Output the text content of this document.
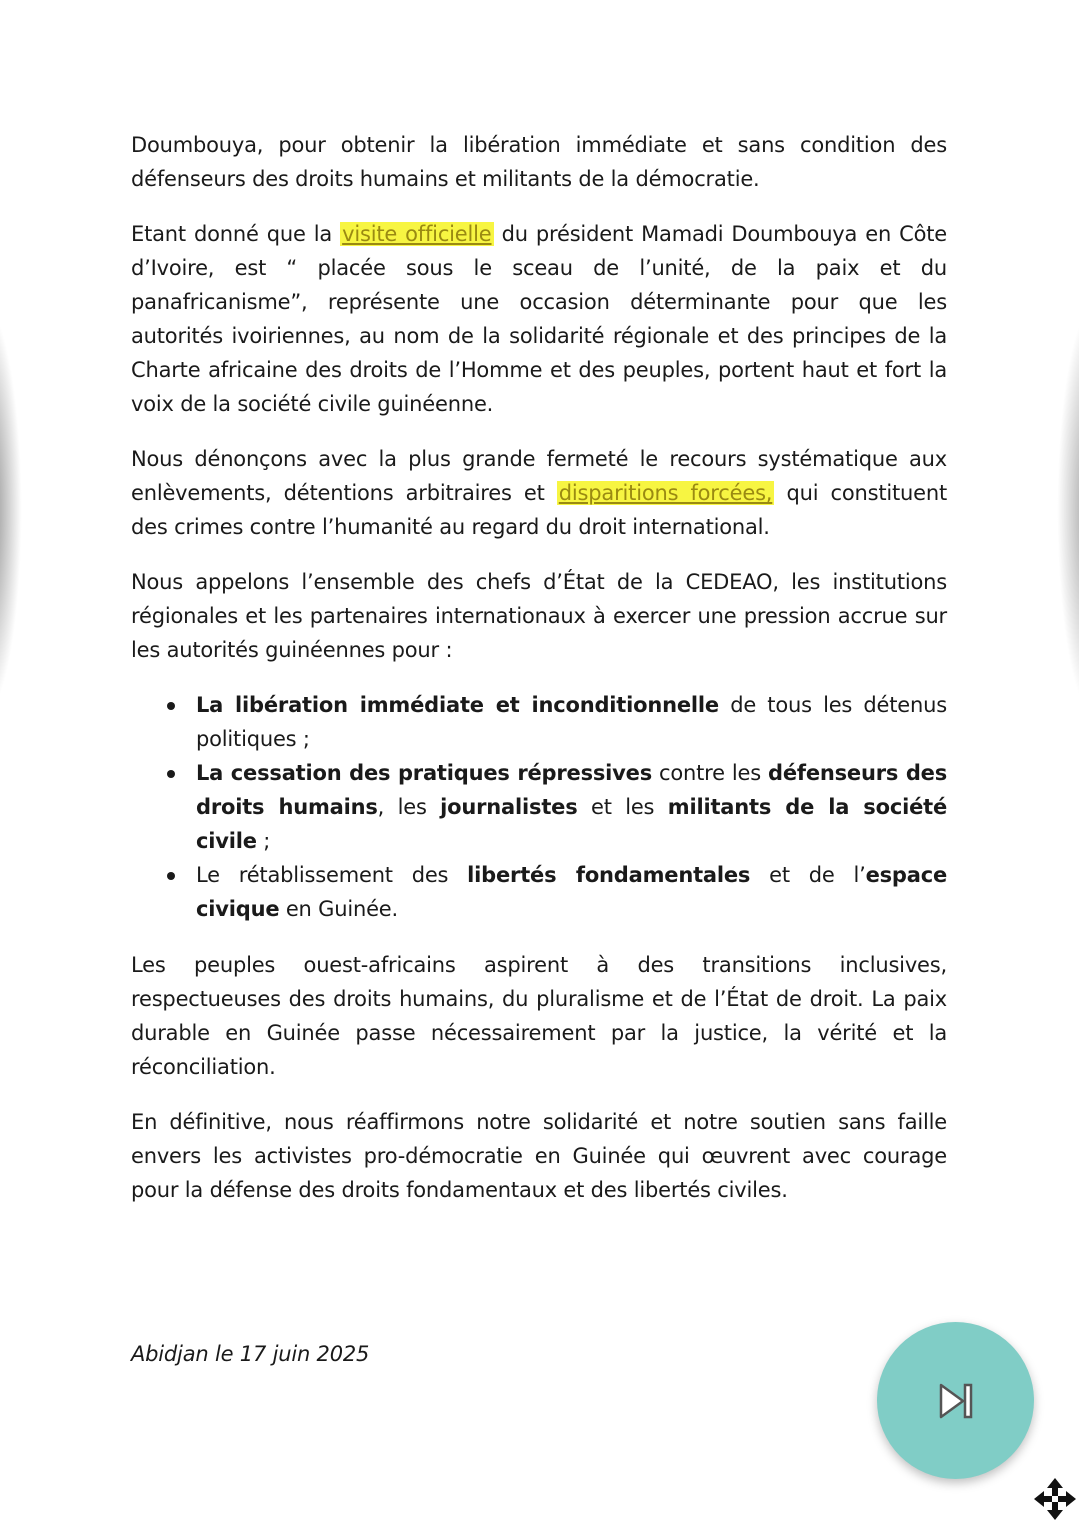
Doumbouya, pour obtenir la libération immédiate et sans condition des défenseurs des droits humains et militants de la démocratie.

Etant donné que la visite officielle du président Mamadi Doumbouya en Côte d’Ivoire, est “ placée sous le sceau de l’unité, de la paix et du panafricanisme”, représente une occasion déterminante pour que les autorités ivoiriennes, au nom de la solidarité régionale et des principes de la Charte africaine des droits de l’Homme et des peuples, portent haut et fort la voix de la société civile guinéenne.

Nous dénonçons avec la plus grande fermeté le recours systématique aux enlèvements, détentions arbitraires et disparitions forcées, qui constituent des crimes contre l’humanité au regard du droit international.

Nous appelons l’ensemble des chefs d’État de la CEDEAO, les institutions régionales et les partenaires internationaux à exercer une pression accrue sur les autorités guinéennes pour :

La libération immédiate et inconditionnelle de tous les détenus politiques ;
La cessation des pratiques répressives contre les défenseurs des droits humains, les journalistes et les militants de la société civile ;
Le rétablissement des libertés fondamentales et de l’espace civique en Guinée.

Les peuples ouest-africains aspirent à des transitions inclusives, respectueuses des droits humains, du pluralisme et de l’État de droit. La paix durable en Guinée passe nécessairement par la justice, la vérité et la réconciliation.

En définitive, nous réaffirmons notre solidarité et notre soutien sans faille envers les activistes pro-démocratie en Guinée qui œuvrent avec courage pour la défense des droits fondamentaux et des libertés civiles.

Abidjan le 17 juin 2025
